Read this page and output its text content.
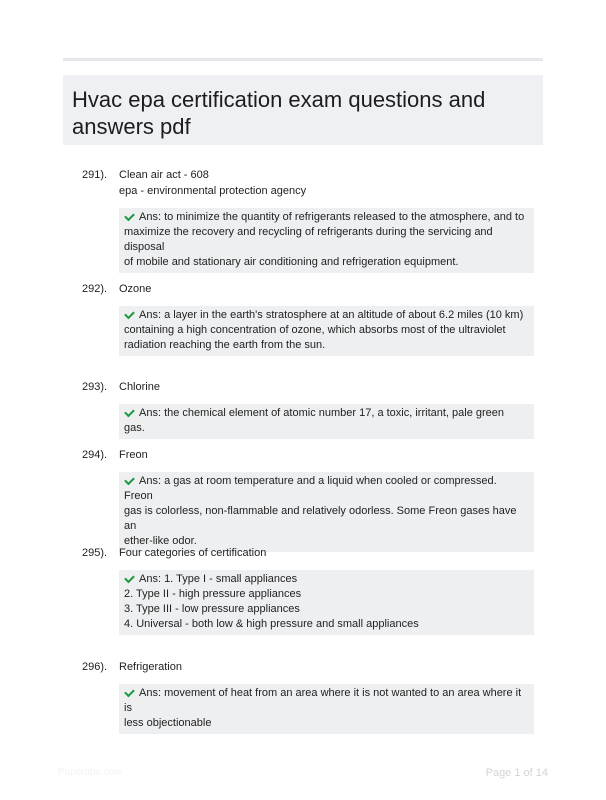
Hvac epa certification exam questions and answers pdf
291).	Clean air act - 608
epa - environmental protection agency
Ans: to minimize the quantity of refrigerants released to the atmosphere, and to
maximize the recovery and recycling of refrigerants during the servicing and disposal
of mobile and stationary air conditioning and refrigeration equipment.
292).	Ozone
Ans: a layer in the earth's stratosphere at an altitude of about 6.2 miles (10 km)
containing a high concentration of ozone, which absorbs most of the ultraviolet
radiation reaching the earth from the sun.
293).	Chlorine
Ans: the chemical element of atomic number 17, a toxic, irritant, pale green gas.
294).	Freon
Ans: a gas at room temperature and a liquid when cooled or compressed. Freon
gas is colorless, non-flammable and relatively odorless. Some Freon gases have an
ether-like odor.
295).	Four categories of certification
Ans: 1. Type I - small appliances
2. Type II - high pressure appliances
3. Type III - low pressure appliances
4. Universal - both low & high pressure and small appliances
296).	Refrigeration
Ans: movement of heat from an area where it is not wanted to an area where it is
less objectionable
Papertibo.com	Page 1 of 14
